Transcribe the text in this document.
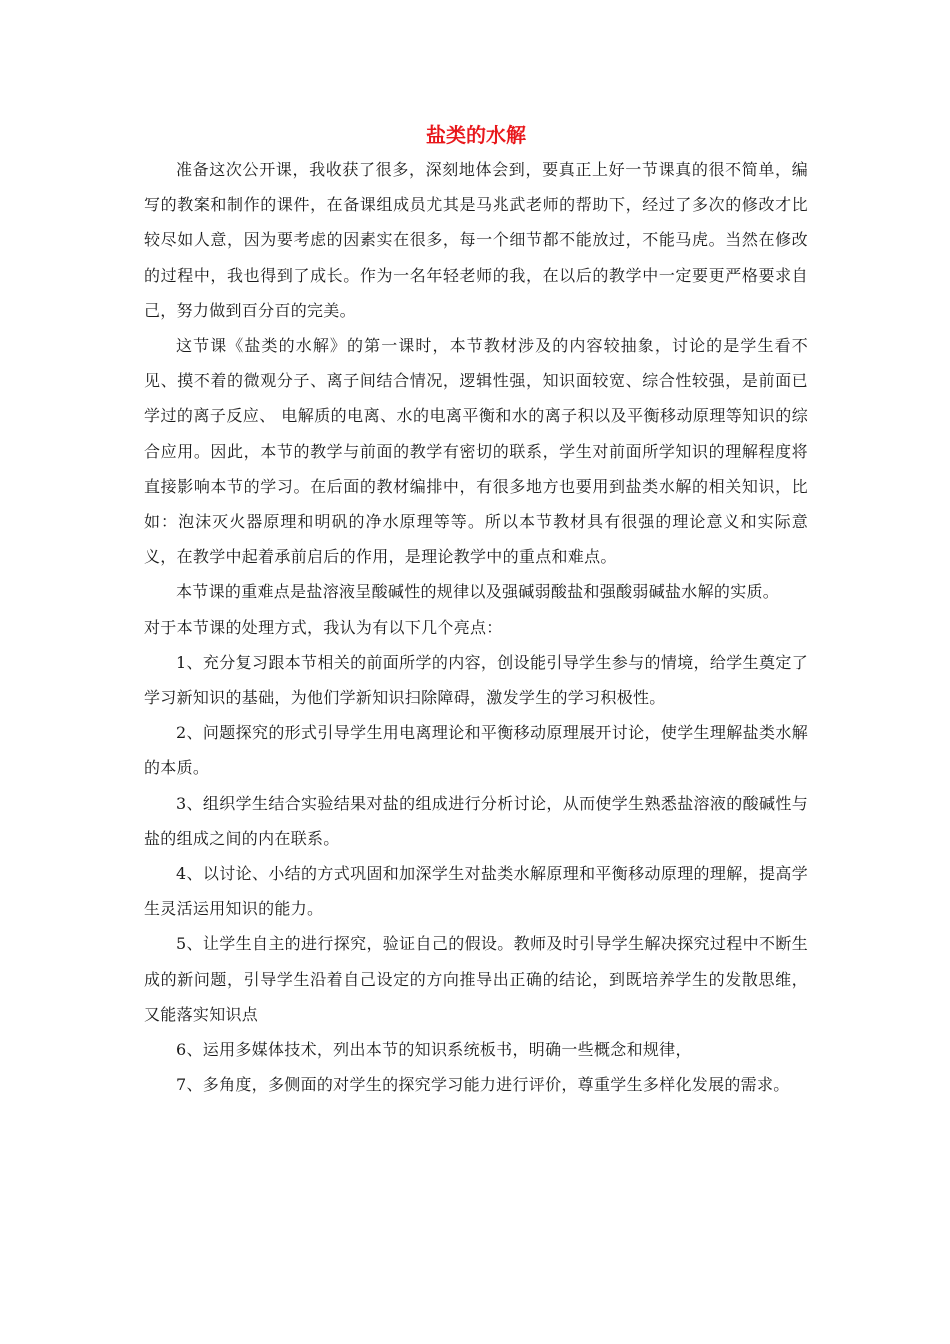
盐类的水解

准备这次公开课，我收获了很多，深刻地体会到，要真正上好一节课真的很不简单，编写的教案和制作的课件，在备课组成员尤其是马兆武老师的帮助下，经过了多次的修改才比较尽如人意，因为要考虑的因素实在很多，每一个细节都不能放过，不能马虎。当然在修改的过程中，我也得到了成长。作为一名年轻老师的我，在以后的教学中一定要更严格要求自己，努力做到百分百的完美。

这节课《盐类的水解》的第一课时，本节教材涉及的内容较抽象，讨论的是学生看不见、摸不着的微观分子、离子间结合情况，逻辑性强，知识面较宽、综合性较强，是前面已学过的离子反应、 电解质的电离、水的电离平衡和水的离子积以及平衡移动原理等知识的综合应用。因此，本节的教学与前面的教学有密切的联系，学生对前面所学知识的理解程度将直接影响本节的学习。在后面的教材编排中，有很多地方也要用到盐类水解的相关知识，比如：泡沫灭火器原理和明矾的净水原理等等。所以本节教材具有很强的理论意义和实际意义，在教学中起着承前启后的作用，是理论教学中的重点和难点。

本节课的重难点是盐溶液呈酸碱性的规律以及强碱弱酸盐和强酸弱碱盐水解的实质。

对于本节课的处理方式，我认为有以下几个亮点：

1、充分复习跟本节相关的前面所学的内容，创设能引导学生参与的情境，给学生奠定了学习新知识的基础，为他们学新知识扫除障碍，激发学生的学习积极性。

2、问题探究的形式引导学生用电离理论和平衡移动原理展开讨论，使学生理解盐类水解的本质。

3、组织学生结合实验结果对盐的组成进行分析讨论，从而使学生熟悉盐溶液的酸碱性与盐的组成之间的内在联系。

4、以讨论、小结的方式巩固和加深学生对盐类水解原理和平衡移动原理的理解，提高学生灵活运用知识的能力。

5、让学生自主的进行探究，验证自己的假设。教师及时引导学生解决探究过程中不断生成的新问题，引导学生沿着自己设定的方向推导出正确的结论，到既培养学生的发散思维，又能落实知识点

6、运用多媒体技术，列出本节的知识系统板书，明确一些概念和规律，

7、多角度，多侧面的对学生的探究学习能力进行评价，尊重学生多样化发展的需求。
